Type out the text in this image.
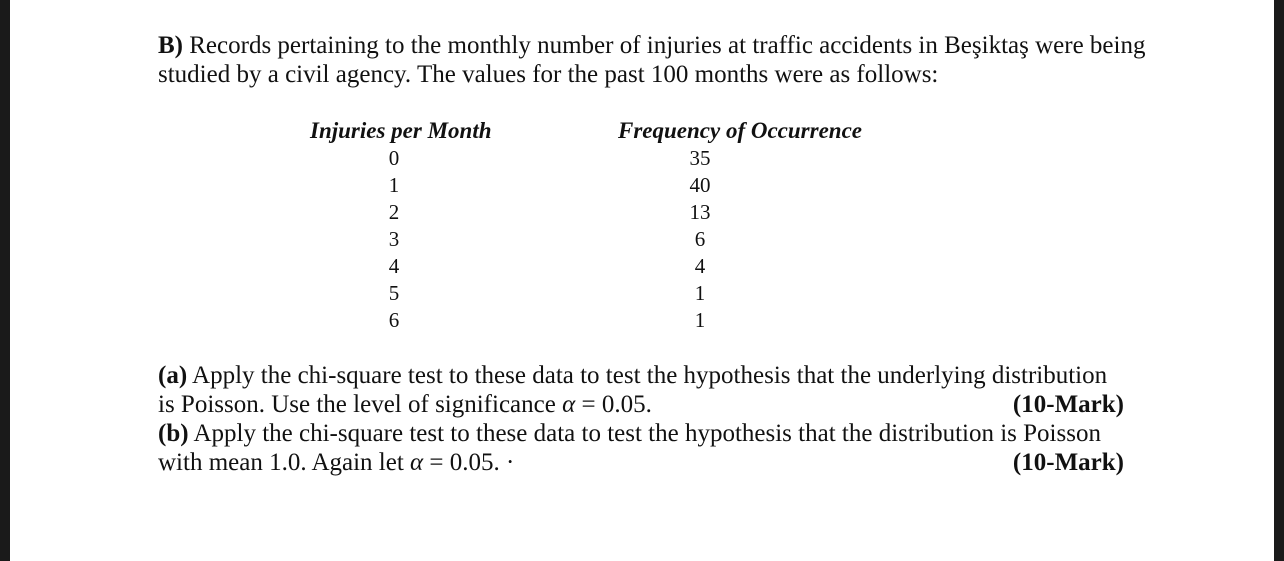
B) Records pertaining to the monthly number of injuries at traffic accidents in Beşiktaş were being studied by a civil agency. The values for the past 100 months were as follows:
Injuries per Month	Frequency of Occurrence
0	35
1	40
2	13
3	6
4	4
5	1
6	1
(a) Apply the chi-square test to these data to test the hypothesis that the underlying distribution
is Poisson. Use the level of significance α = 0.05.	(10-Mark)
(b) Apply the chi-square test to these data to test the hypothesis that the distribution is Poisson
with mean 1.0. Again let α = 0.05. ·	(10-Mark)
